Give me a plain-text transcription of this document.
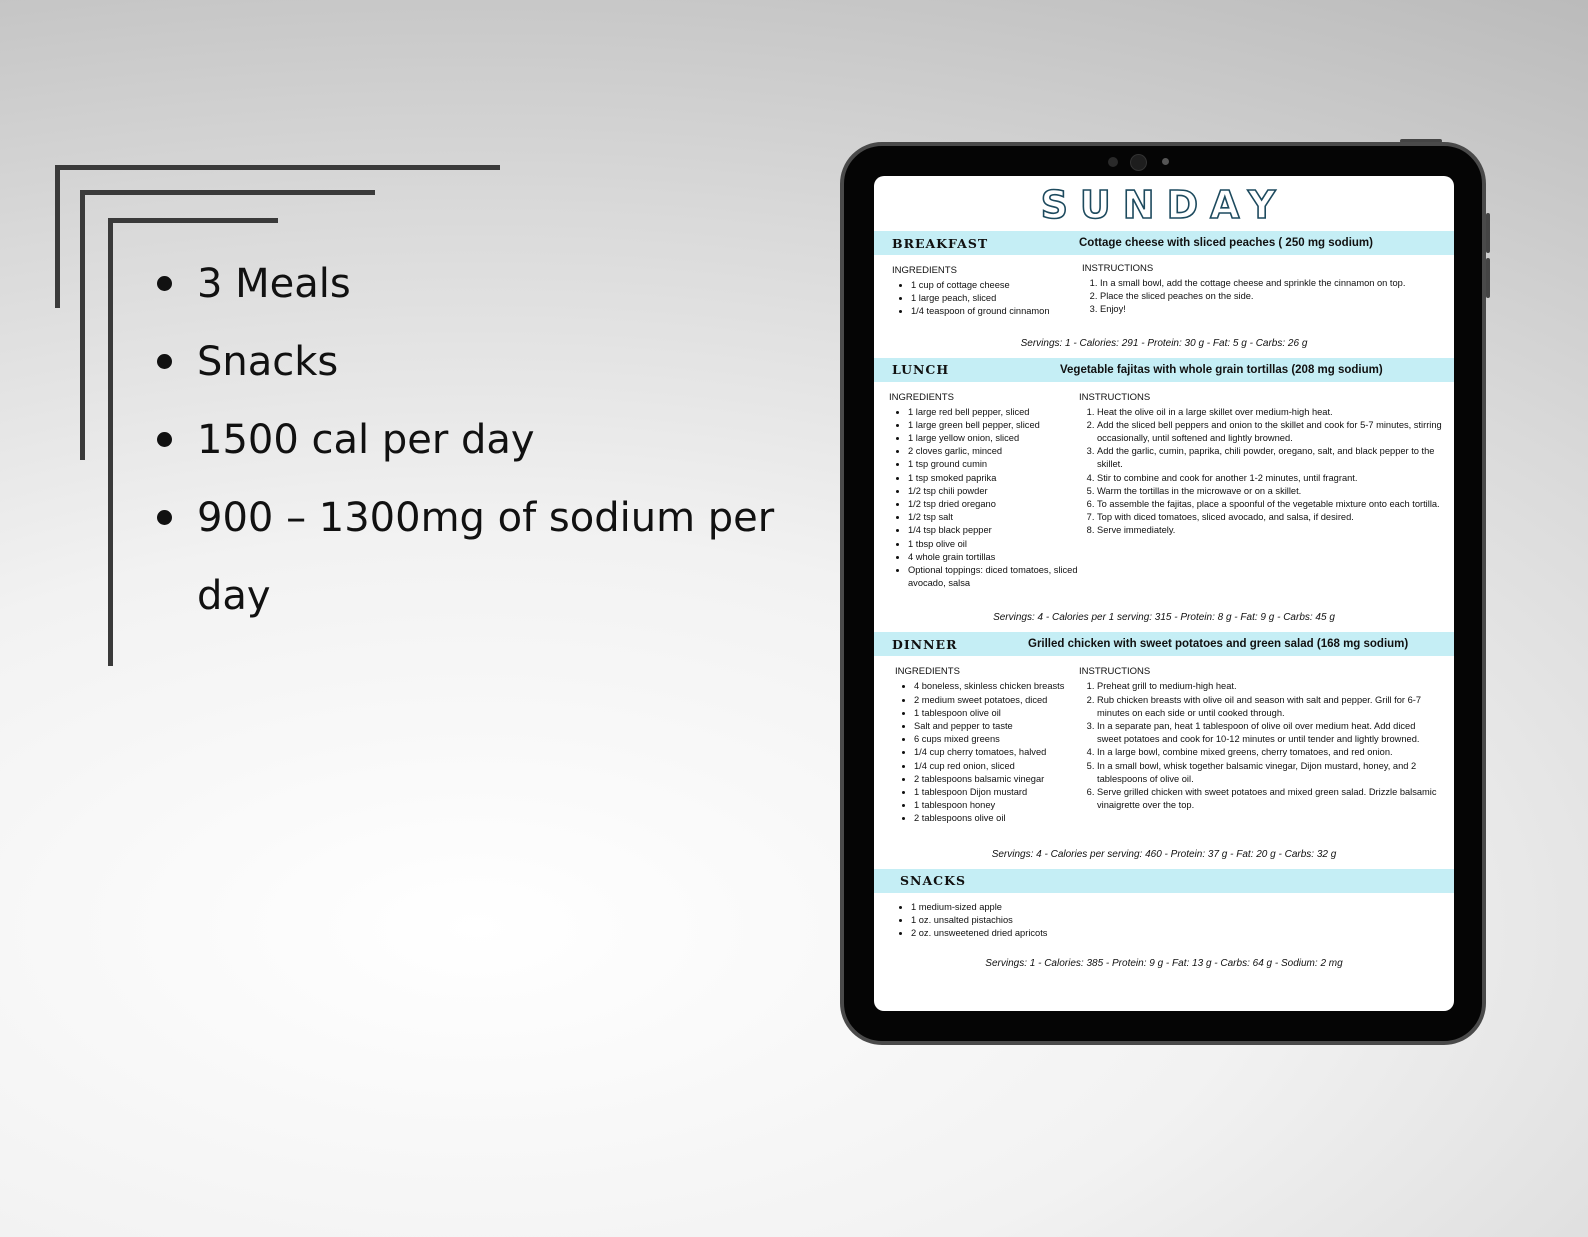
3 Meals
Snacks
1500 cal per day
900 – 1300mg of sodium per day
SUNDAY
BREAKFAST	Cottage cheese with sliced peaches ( 250 mg sodium)
INGREDIENTS
• 1 cup of cottage cheese
• 1 large peach, sliced
• 1/4 teaspoon of ground cinnamon
INSTRUCTIONS
1. In a small bowl, add the cottage cheese and sprinkle the cinnamon on top.
2. Place the sliced peaches on the side.
3. Enjoy!
Servings: 1 - Calories: 291 - Protein: 30 g - Fat: 5 g - Carbs: 26 g
LUNCH	Vegetable fajitas with whole grain tortillas (208 mg sodium)
INGREDIENTS
• 1 large red bell pepper, sliced
• 1 large green bell pepper, sliced
• 1 large yellow onion, sliced
• 2 cloves garlic, minced
• 1 tsp ground cumin
• 1 tsp smoked paprika
• 1/2 tsp chili powder
• 1/2 tsp dried oregano
• 1/2 tsp salt
• 1/4 tsp black pepper
• 1 tbsp olive oil
• 4 whole grain tortillas
• Optional toppings: diced tomatoes, sliced avocado, salsa
INSTRUCTIONS
1. Heat the olive oil in a large skillet over medium-high heat.
2. Add the sliced bell peppers and onion to the skillet and cook for 5-7 minutes, stirring occasionally, until softened and lightly browned.
3. Add the garlic, cumin, paprika, chili powder, oregano, salt, and black pepper to the skillet.
4. Stir to combine and cook for another 1-2 minutes, until fragrant.
5. Warm the tortillas in the microwave or on a skillet.
6. To assemble the fajitas, place a spoonful of the vegetable mixture onto each tortilla.
7. Top with diced tomatoes, sliced avocado, and salsa, if desired.
8. Serve immediately.
Servings: 4 - Calories per 1 serving: 315 - Protein: 8 g - Fat: 9 g - Carbs: 45 g
DINNER	Grilled chicken with sweet potatoes and green salad (168 mg sodium)
INGREDIENTS
• 4 boneless, skinless chicken breasts
• 2 medium sweet potatoes, diced
• 1 tablespoon olive oil
• Salt and pepper to taste
• 6 cups mixed greens
• 1/4 cup cherry tomatoes, halved
• 1/4 cup red onion, sliced
• 2 tablespoons balsamic vinegar
• 1 tablespoon Dijon mustard
• 1 tablespoon honey
• 2 tablespoons olive oil
INSTRUCTIONS
1. Preheat grill to medium-high heat.
2. Rub chicken breasts with olive oil and season with salt and pepper. Grill for 6-7 minutes on each side or until cooked through.
3. In a separate pan, heat 1 tablespoon of olive oil over medium heat. Add diced sweet potatoes and cook for 10-12 minutes or until tender and lightly browned.
4. In a large bowl, combine mixed greens, cherry tomatoes, and red onion.
5. In a small bowl, whisk together balsamic vinegar, Dijon mustard, honey, and 2 tablespoons of olive oil.
6. Serve grilled chicken with sweet potatoes and mixed green salad. Drizzle balsamic vinaigrette over the top.
Servings: 4 - Calories per serving: 460 - Protein: 37 g - Fat: 20 g - Carbs: 32 g
SNACKS
• 1 medium-sized apple
• 1 oz. unsalted pistachios
• 2 oz. unsweetened dried apricots
Servings: 1 - Calories: 385 - Protein: 9 g - Fat: 13 g - Carbs: 64 g - Sodium: 2 mg
